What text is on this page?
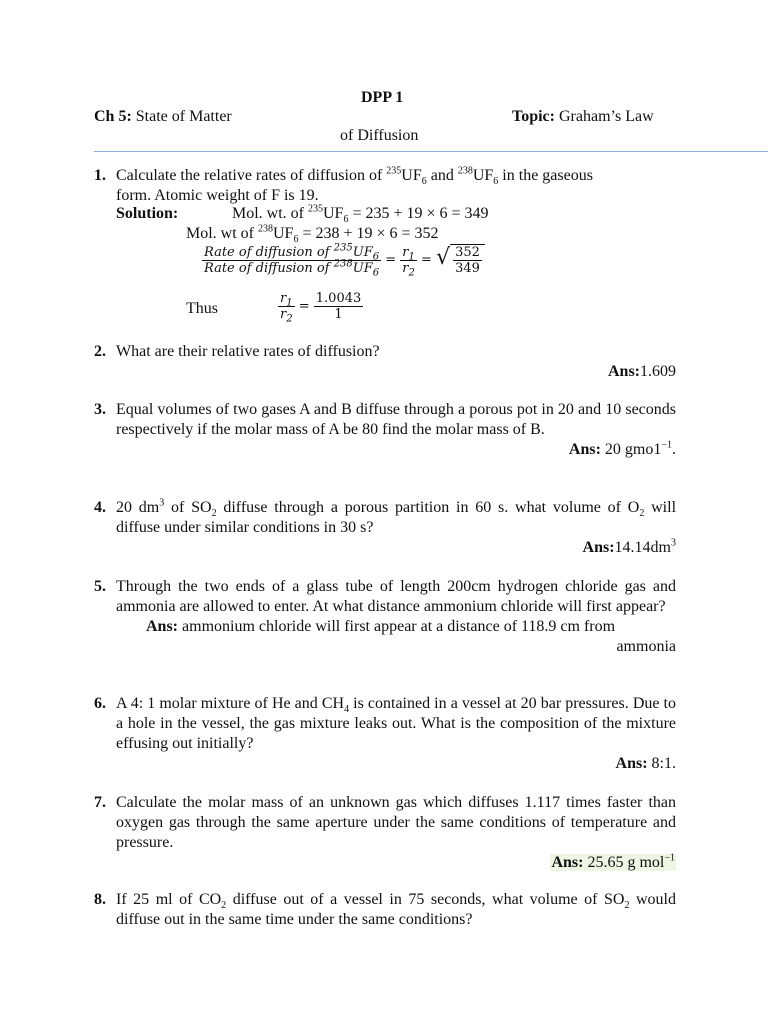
DPP 1
Ch 5: State of Matter	Topic: Graham’s Law
of Diffusion
1. Calculate the relative rates of diffusion of $^{235}UF_6$ and $^{238}UF_6$ in the gaseous
form. Atomic weight of F is 19.
Solution:	Mol. wt. of $^{235}UF_6 = 235 + 19 \times 6 = 349$
Mol. wt of $^{238}UF_6 = 238 + 19 \times 6 = 352$
$\frac{Rate of diffusion of ^{235}UF_6}{Rate of diffusion of ^{238}UF_6} = \frac{r_1}{r_2}$ = √ $\frac{352}{349}$
Thus	$\frac{r_1}{r_2} = \frac{1.0043}{1}$
2. What are their relative rates of diffusion?
Ans:1.609
3. Equal volumes of two gases A and B diffuse through a porous pot in 20 and 10 seconds respectively if the molar mass of A be 80 find the molar mass of B.
Ans: 20 $gmo1^{-1}$.
4. 20 $dm^3$ of $SO_2$ diffuse through a porous partition in 60 s. what volume of $O_2$ will diffuse under similar conditions in 30 s?
$Ans:14.14dm^3$
5. Through the two ends of a glass tube of length 200cm hydrogen chloride gas and ammonia are allowed to enter. At what distance ammonium chloride will first appear?
Ans: ammonium chloride will first appear at a distance of 118.9 cm from
ammonia
6. A 4: 1 molar mixture of He and $CH_4$ is contained in a vessel at 20 bar pressures. Due to a hole in the vessel, the gas mixture leaks out. What is the composition of the mixture effusing out initially?
Ans: 8:1.
7. Calculate the molar mass of an unknown gas which diffuses 1.117 times faster than oxygen gas through the same aperture under the same conditions of temperature and pressure.
Ans: 25.65 g mol$^{-1}$
8. If 25 ml of $CO_2$ diffuse out of a vessel in 75 seconds, what volume of $SO_2$ would diffuse out in the same time under the same conditions?
